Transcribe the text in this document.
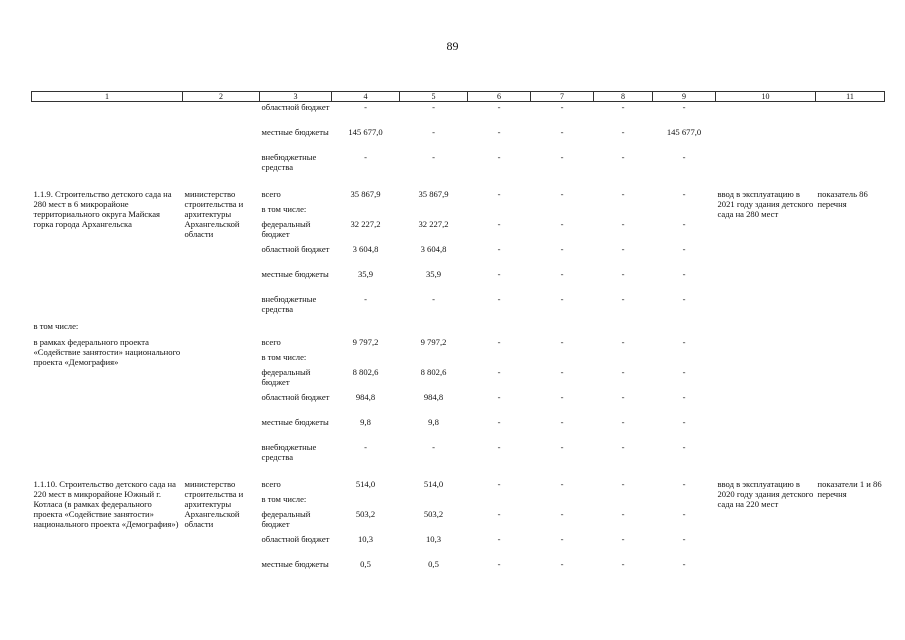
89
1	2	3	4	5	6	7	8	9	10	11
		областной бюджет	-	-	-	-	-	-		
		местные бюджеты	145 677,0	-	-	-	-	145 677,0		
		внебюджетные средства	-	-	-	-	-	-		

1.1.9. Строительство детского сада на 280 мест в 6 микрорайоне территориального округа Майская горка города Архангельска	министерство строительства и архитектуры Архангельской области	всего	35 867,9	35 867,9	-	-	-	-	ввод в эксплуатацию в 2021 году здания детского сада на 280 мест	показатель 86 перечня
		в том числе:								
		федеральный бюджет	32 227,2	32 227,2	-	-	-	-		
		областной бюджет	3 604,8	3 604,8	-	-	-	-		
		местные бюджеты	35,9	35,9	-	-	-	-		
		внебюджетные средства	-	-	-	-	-	-		
в том числе:										

в рамках федерального проекта «Содействие занятости» национального проекта «Демография»		всего	9 797,2	9 797,2	-	-	-	-		
		в том числе:								
		федеральный бюджет	8 802,6	8 802,6	-	-	-	-		
		областной бюджет	984,8	984,8	-	-	-	-		
		местные бюджеты	9,8	9,8	-	-	-	-		
		внебюджетные средства	-	-	-	-	-	-		

1.1.10. Строительство детского сада на 220 мест в микрорайоне Южный г. Котласа (в рамках федерального проекта «Содействие занятости» национального проекта «Демография»)	министерство строительства и архитектуры Архангельской области	всего	514,0	514,0	-	-	-	-	ввод в эксплуатацию в 2020 году здания детского сада на 220 мест	показатели 1 и 86 перечня
		в том числе:								
		федеральный бюджет	503,2	503,2	-	-	-	-		
		областной бюджет	10,3	10,3	-	-	-	-		
		местные бюджеты	0,5	0,5	-	-	-	-		
